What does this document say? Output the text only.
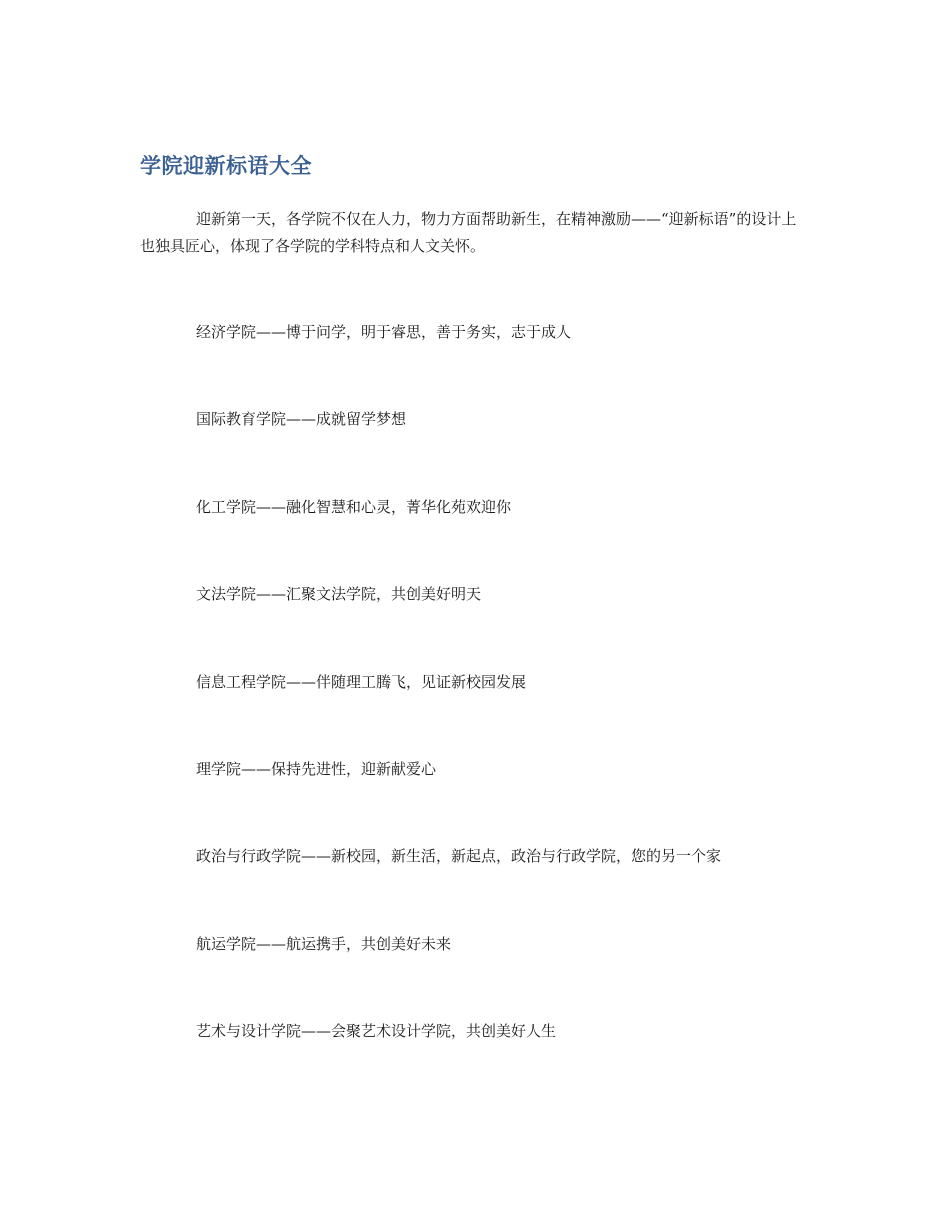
学院迎新标语大全

迎新第一天，各学院不仅在人力，物力方面帮助新生，在精神激励——“迎新标语”的设计上也独具匠心，体现了各学院的学科特点和人文关怀。

经济学院——博于问学，明于睿思，善于务实，志于成人
国际教育学院——成就留学梦想
化工学院——融化智慧和心灵，菁华化苑欢迎你
文法学院——汇聚文法学院，共创美好明天
信息工程学院——伴随理工腾飞，见证新校园发展
理学院——保持先进性，迎新献爱心
政治与行政学院——新校园，新生活，新起点，政治与行政学院，您的另一个家
航运学院——航运携手，共创美好未来
艺术与设计学院——会聚艺术设计学院，共创美好人生
